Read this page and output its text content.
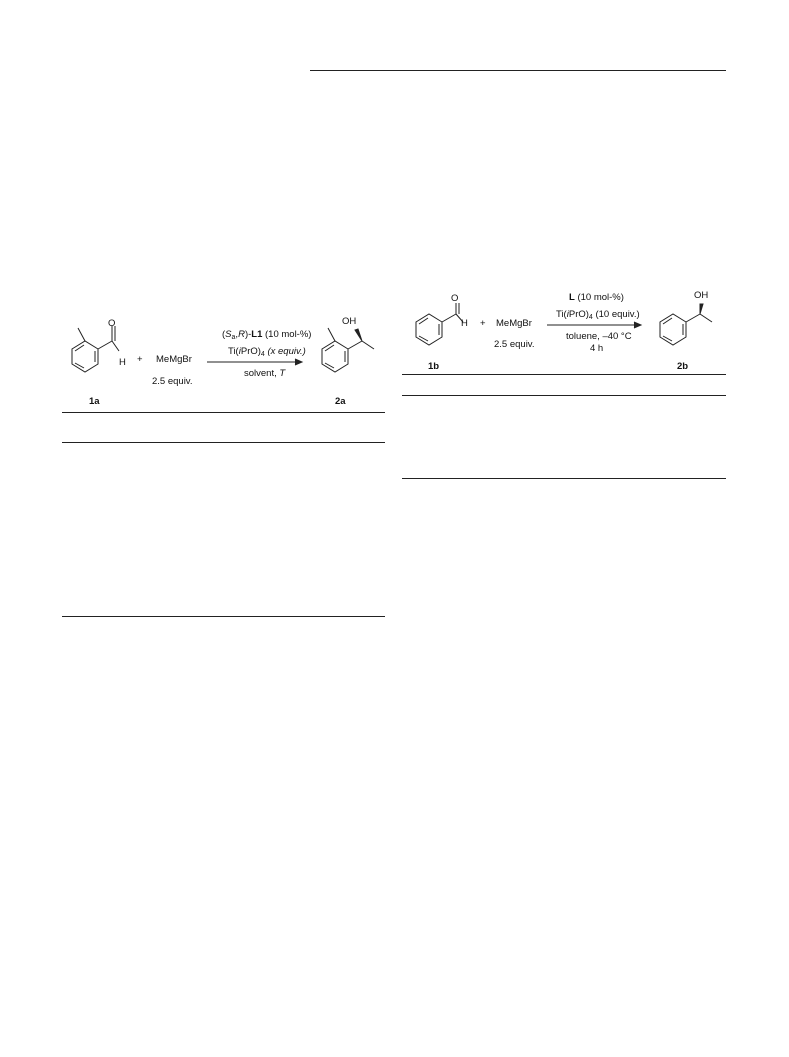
H
O
+ MeMgBr
2.5 equiv.
$(S_a,R)-L1$ (10 mol-%)
$Ti(iPrO)_4$ (x equiv.)
solvent, T
OH
1a	2a
O
H + MeMgBr
2.5 equiv.
L (10 mol-%)
$Ti(iPrO)_4$ (10 equiv.)
toluene, –40 °C
4 h
OH
1b	2b
